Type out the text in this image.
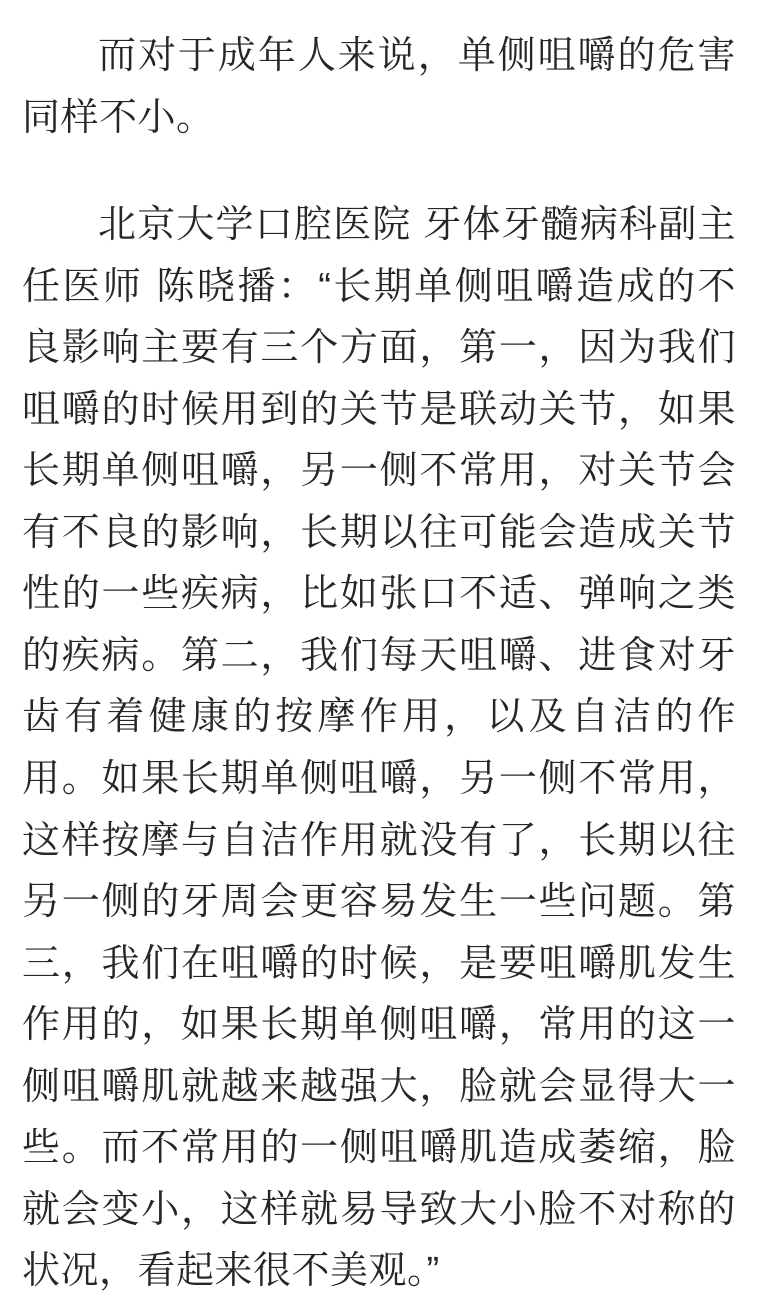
而对于成年人来说，单侧咀嚼的危害同样不小。

北京大学口腔医院 牙体牙髓病科副主任医师 陈晓播：“长期单侧咀嚼造成的不良影响主要有三个方面，第一，因为我们咀嚼的时候用到的关节是联动关节，如果长期单侧咀嚼，另一侧不常用，对关节会有不良的影响，长期以往可能会造成关节性的一些疾病，比如张口不适、弹响之类的疾病。第二，我们每天咀嚼、进食对牙齿有着健康的按摩作用，以及自洁的作用。如果长期单侧咀嚼，另一侧不常用，这样按摩与自洁作用就没有了，长期以往另一侧的牙周会更容易发生一些问题。第三，我们在咀嚼的时候，是要咀嚼肌发生作用的，如果长期单侧咀嚼，常用的这一侧咀嚼肌就越来越强大，脸就会显得大一些。而不常用的一侧咀嚼肌造成萎缩，脸就会变小，这样就易导致大小脸不对称的状况，看起来很不美观。”
